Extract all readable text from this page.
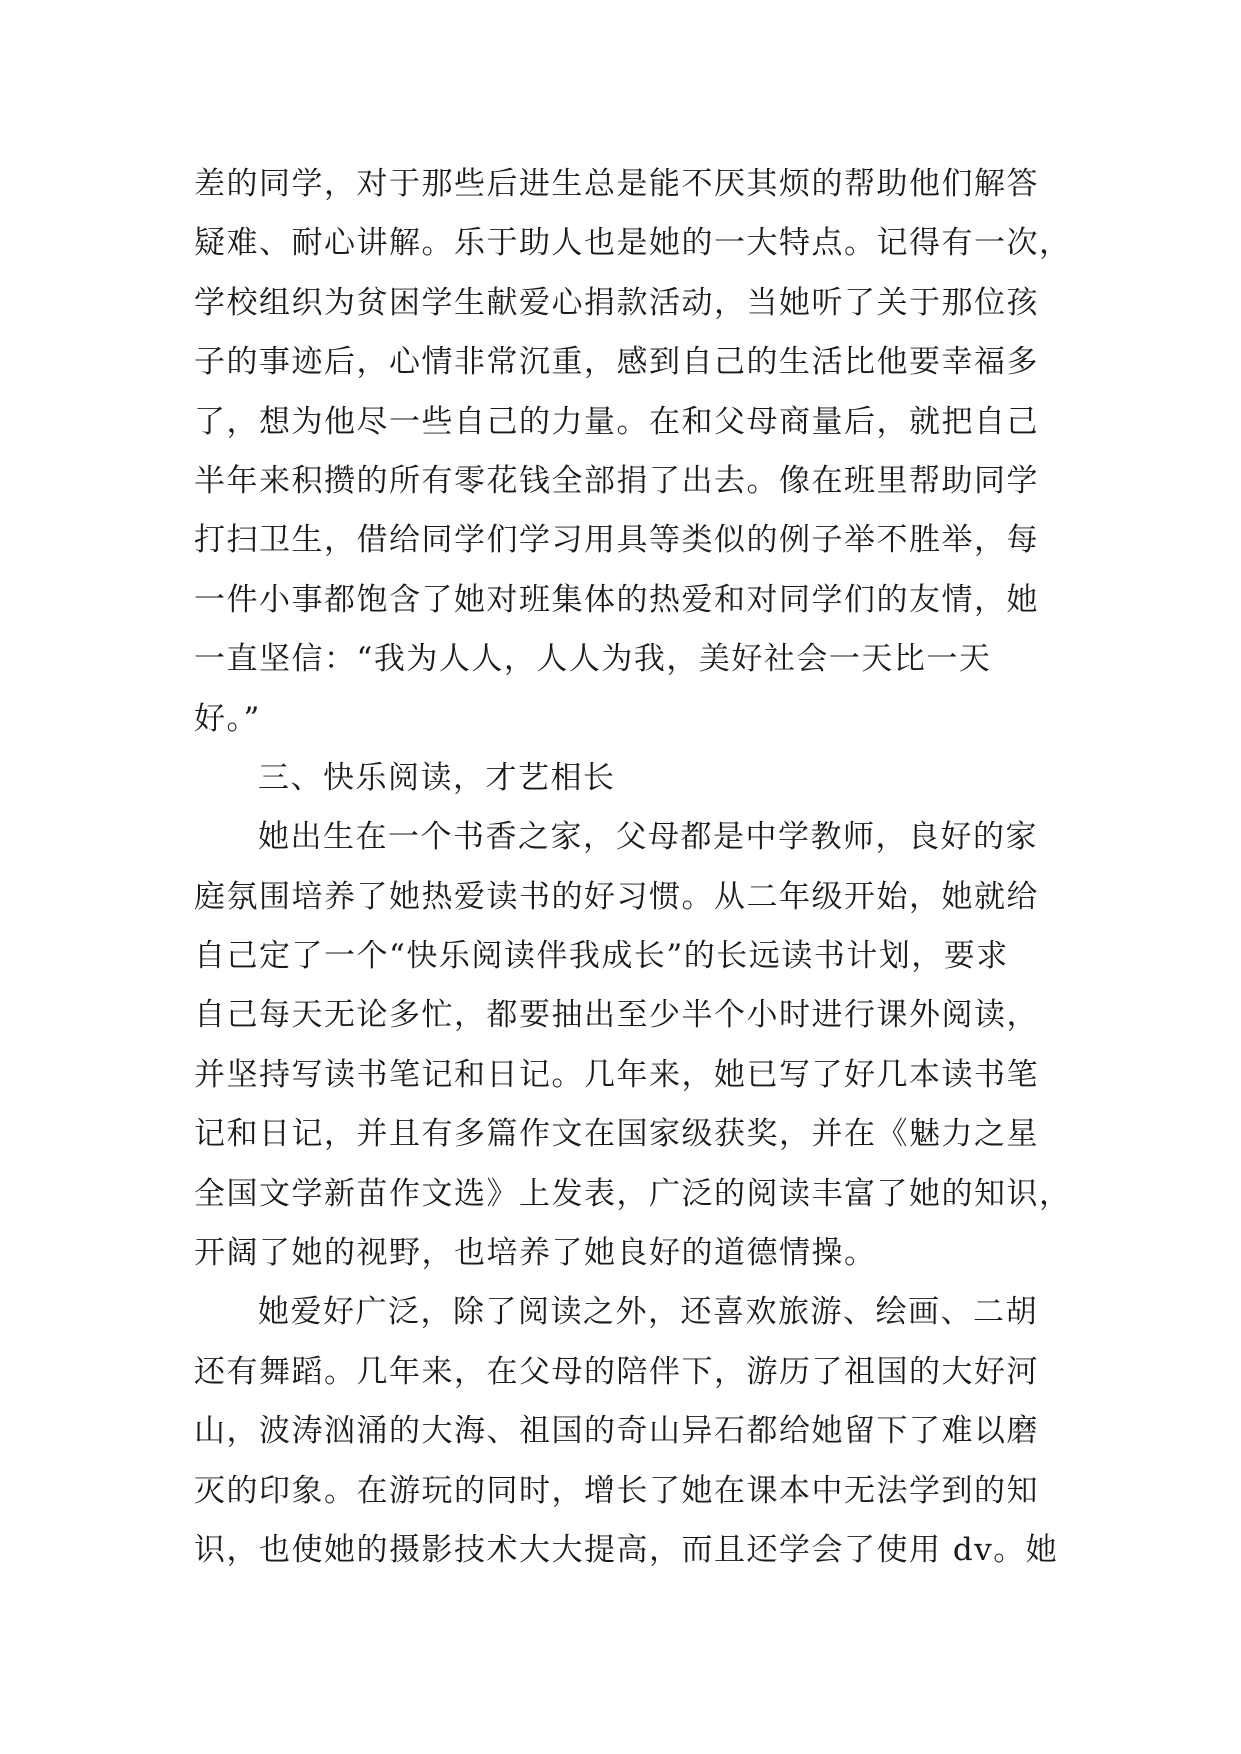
差的同学，对于那些后进生总是能不厌其烦的帮助他们解答
疑难、耐心讲解。乐于助人也是她的一大特点。记得有一次，
学校组织为贫困学生献爱心捐款活动，当她听了关于那位孩
子的事迹后，心情非常沉重，感到自己的生活比他要幸福多
了，想为他尽一些自己的力量。在和父母商量后，就把自己
半年来积攒的所有零花钱全部捐了出去。像在班里帮助同学
打扫卫生，借给同学们学习用具等类似的例子举不胜举，每
一件小事都饱含了她对班集体的热爱和对同学们的友情，她
一直坚信：“我为人人，人人为我，美好社会一天比一天
好。”
三、快乐阅读，才艺相长
她出生在一个书香之家，父母都是中学教师，良好的家
庭氛围培养了她热爱读书的好习惯。从二年级开始，她就给
自己定了一个“快乐阅读伴我成长”的长远读书计划，要求
自己每天无论多忙，都要抽出至少半个小时进行课外阅读，
并坚持写读书笔记和日记。几年来，她已写了好几本读书笔
记和日记，并且有多篇作文在国家级获奖，并在《魅力之星
全国文学新苗作文选》上发表，广泛的阅读丰富了她的知识，
开阔了她的视野，也培养了她良好的道德情操。
她爱好广泛，除了阅读之外，还喜欢旅游、绘画、二胡
还有舞蹈。几年来，在父母的陪伴下，游历了祖国的大好河
山，波涛汹涌的大海、祖国的奇山异石都给她留下了难以磨
灭的印象。在游玩的同时，增长了她在课本中无法学到的知
识，也使她的摄影技术大大提高，而且还学会了使用 dv。她
